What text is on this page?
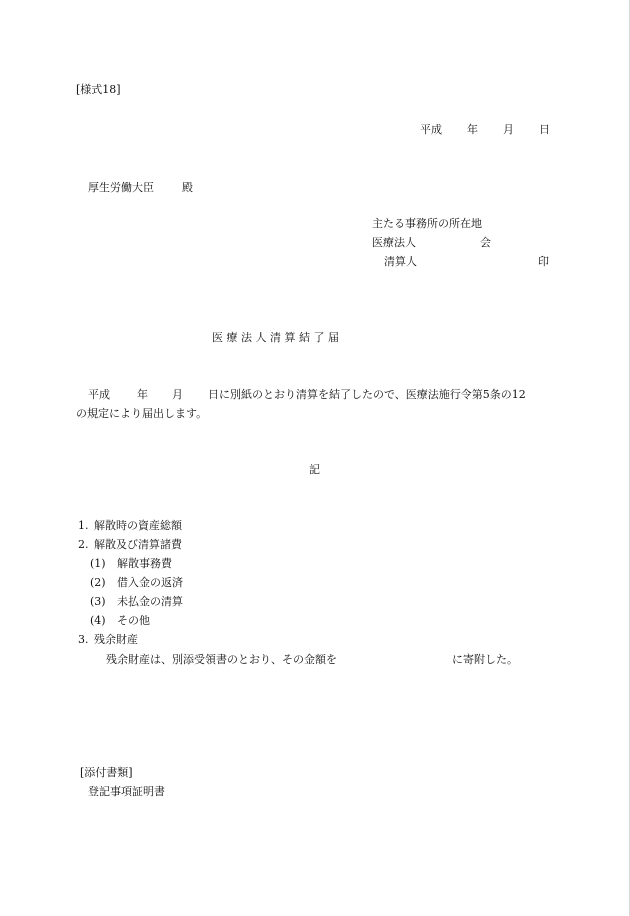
[様式18]
平成 年 月 日
厚生労働大臣	殿
主たる事務所の所在地
医療法人	会
清算人	印
医 療 法 人 清 算 結 了 届
平成 年 月 日に別紙のとおり清算を結了したので、医療法施行令第5条の12
の規定により届出します。
記
1. 解散時の資産総額
2. 解散及び清算諸費
(1) 解散事務費
(2) 借入金の返済
(3) 未払金の清算
(4) その他
3. 残余財産
残余財産は、別添受領書のとおり、その金額を	に寄附した。
[添付書類]
登記事項証明書
